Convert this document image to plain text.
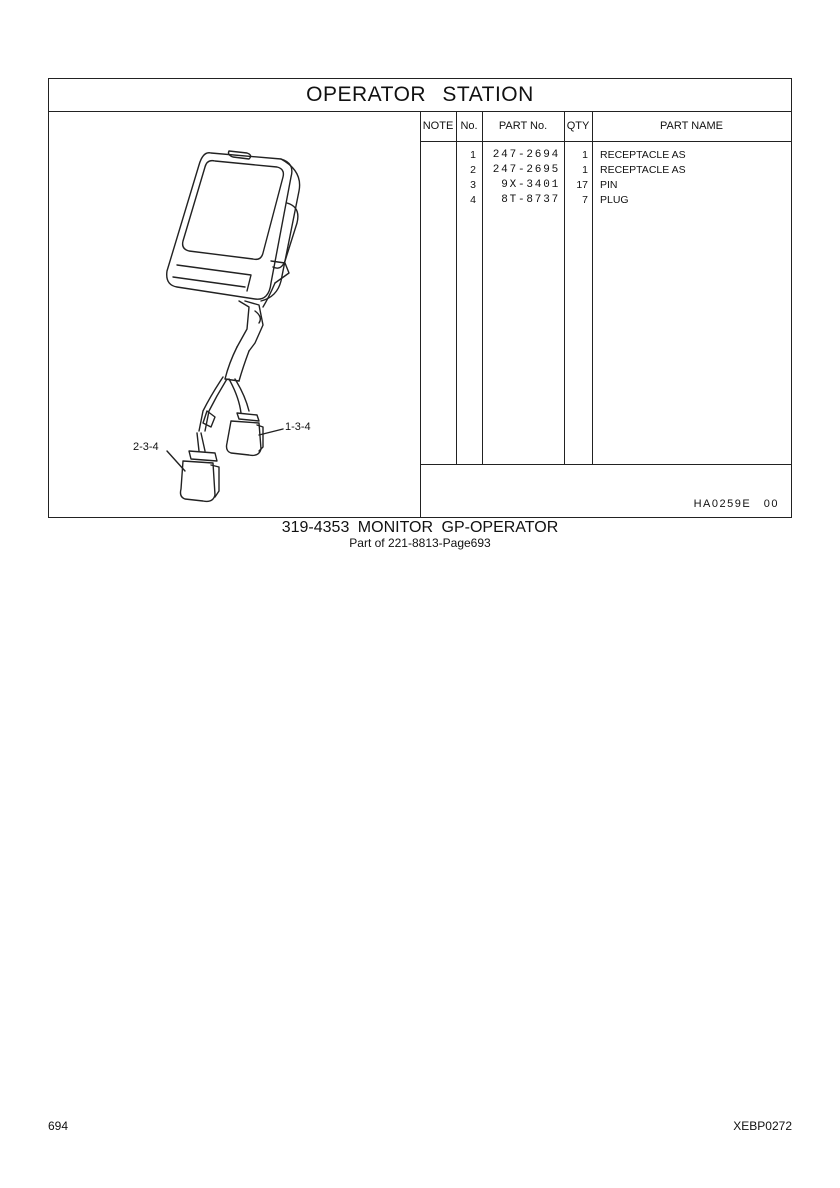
OPERATOR STATION
1-3-4
2-3-4
NOTE No.	PART No.	QTY	PART NAME
1	247-2694	1 RECEPTACLE AS
2	247-2695	1 RECEPTACLE AS
3	9X-3401	17 PIN
4	8T-8737	7 PLUG
HA0259E 00
319-4353 MONITOR GP-OPERATOR
Part of 221-8813-Page693
694	XEBP0272
